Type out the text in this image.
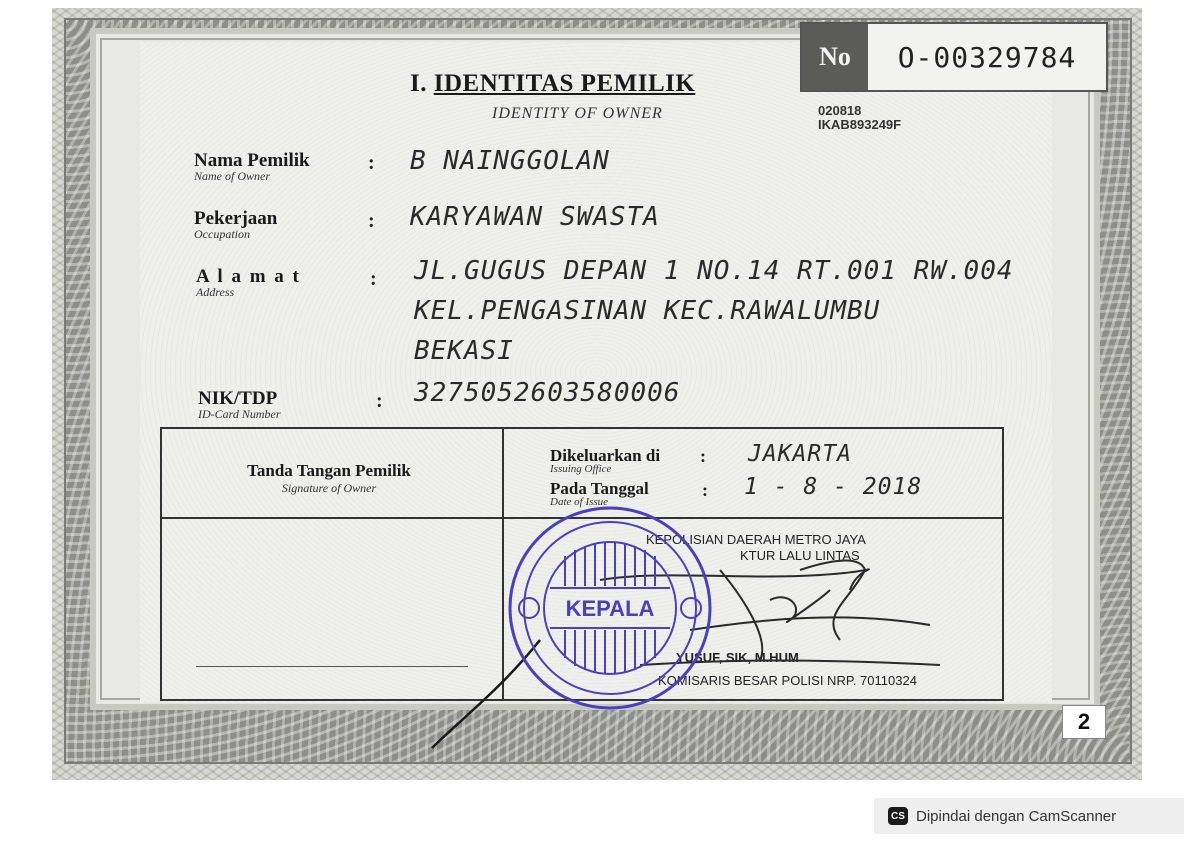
No	O-00329784
020818
IKAB893249F
I. IDENTITAS PEMILIK
IDENTITY OF OWNER
Nama Pemilik
Name of Owner
: B NAINGGOLAN
Pekerjaan
Occupation
: KARYAWAN SWASTA
A l a m a t
Address
: JL.GUGUS DEPAN 1 NO.14 RT.001 RW.004
KEL.PENGASINAN KEC.RAWALUMBU
BEKASI
NIK/TDP
ID-Card Number
: 3275052603580006
Tanda Tangan Pemilik
Signature of Owner
Dikeluarkan di
Issuing Office
: JAKARTA
Pada Tanggal
Date of Issue
: 1 - 8 - 2018
KEPOLISIAN DAERAH METRO JAYA
KTUR LALU LINTAS
YUSUF, SIK, M.HUM
KOMISARIS BESAR POLISI NRP. 70110324
KEPALA
2
CS Dipindai dengan CamScanner
